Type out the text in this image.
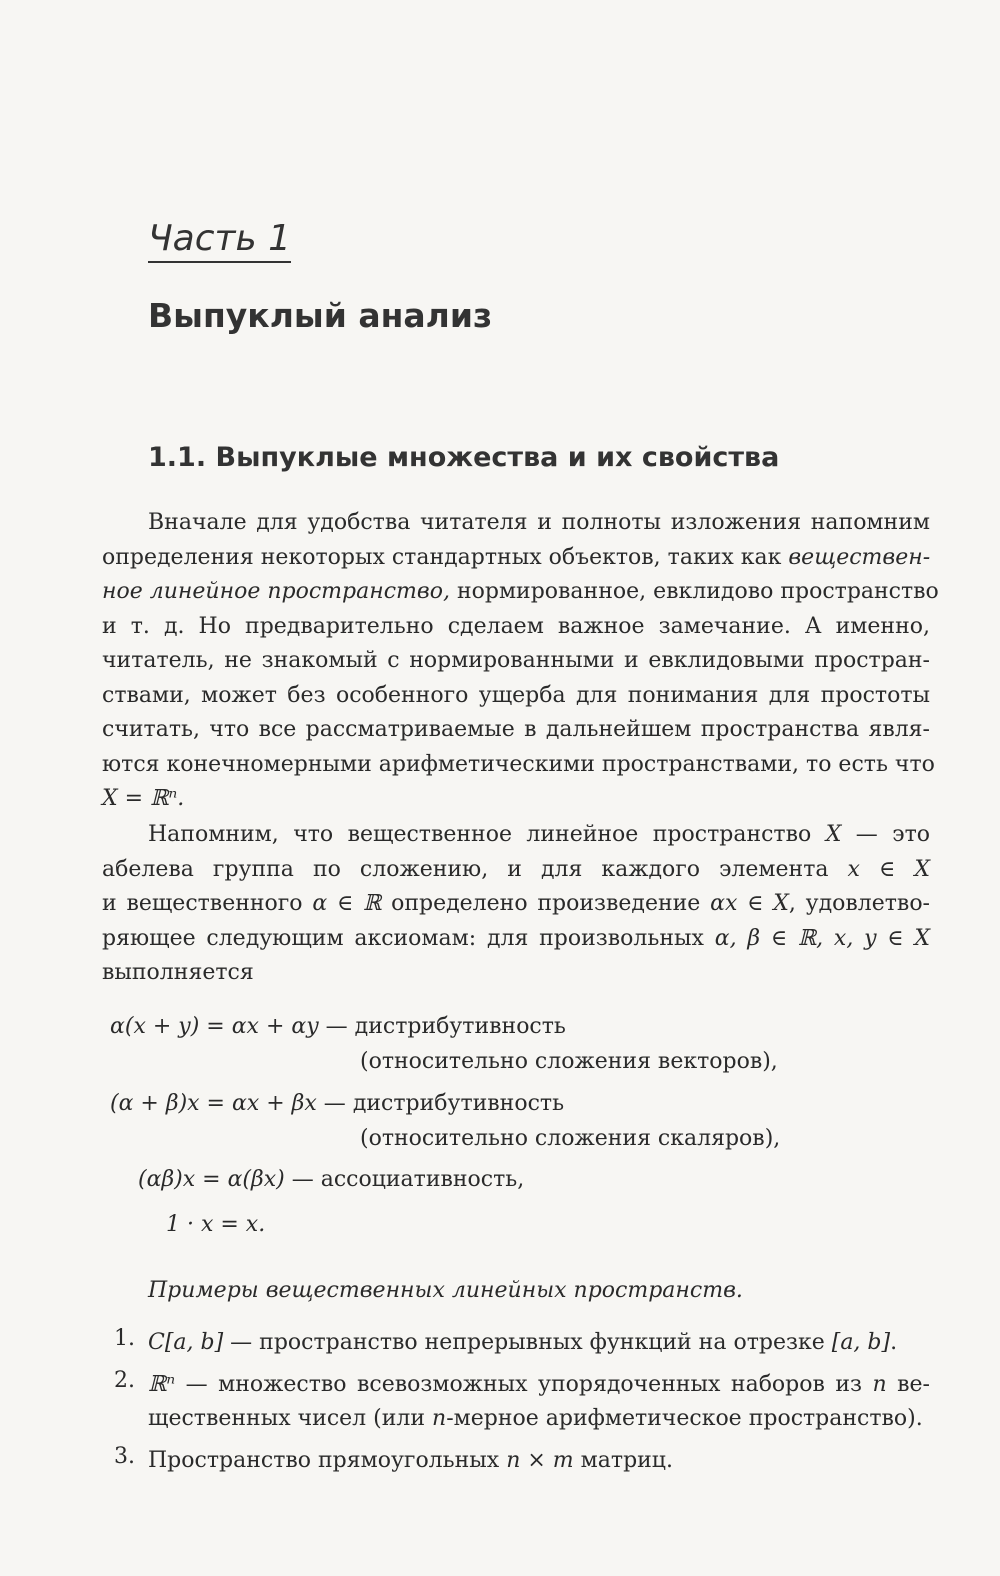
Часть 1
Выпуклый анализ
1.1. Выпуклые множества и их свойства
Вначале для удобства читателя и полноты изложения напомним
определения некоторых стандартных объектов, таких как веществен-
ное линейное пространство, нормированное, евклидово пространство
и т. д. Но предварительно сделаем важное замечание. А именно,
читатель, не знакомый с нормированными и евклидовыми простран-
ствами, может без особенного ущерба для понимания для простоты
считать, что все рассматриваемые в дальнейшем пространства явля-
ются конечномерными арифметическими пространствами, то есть что
X = ℝⁿ.
Напомним, что вещественное линейное пространство X — это
абелева группа по сложению, и для каждого элемента x ∈ X
и вещественного α ∈ ℝ определено произведение αx ∈ X, удовлетво-
ряющее следующим аксиомам: для произвольных α, β ∈ ℝ, x, y ∈ X
выполняется
α(x + y) = αx + αy — дистрибутивность
(относительно сложения векторов),
(α + β)x = αx + βx — дистрибутивность
(относительно сложения скаляров),
(αβ)x = α(βx) — ассоциативность,
1 · x = x.
Примеры вещественных линейных пространств.
1. C[a, b] — пространство непрерывных функций на отрезке [a, b].
2. ℝⁿ — множество всевозможных упорядоченных наборов из n ве-
щественных чисел (или n-мерное арифметическое пространство).
3. Пространство прямоугольных n × m матриц.
